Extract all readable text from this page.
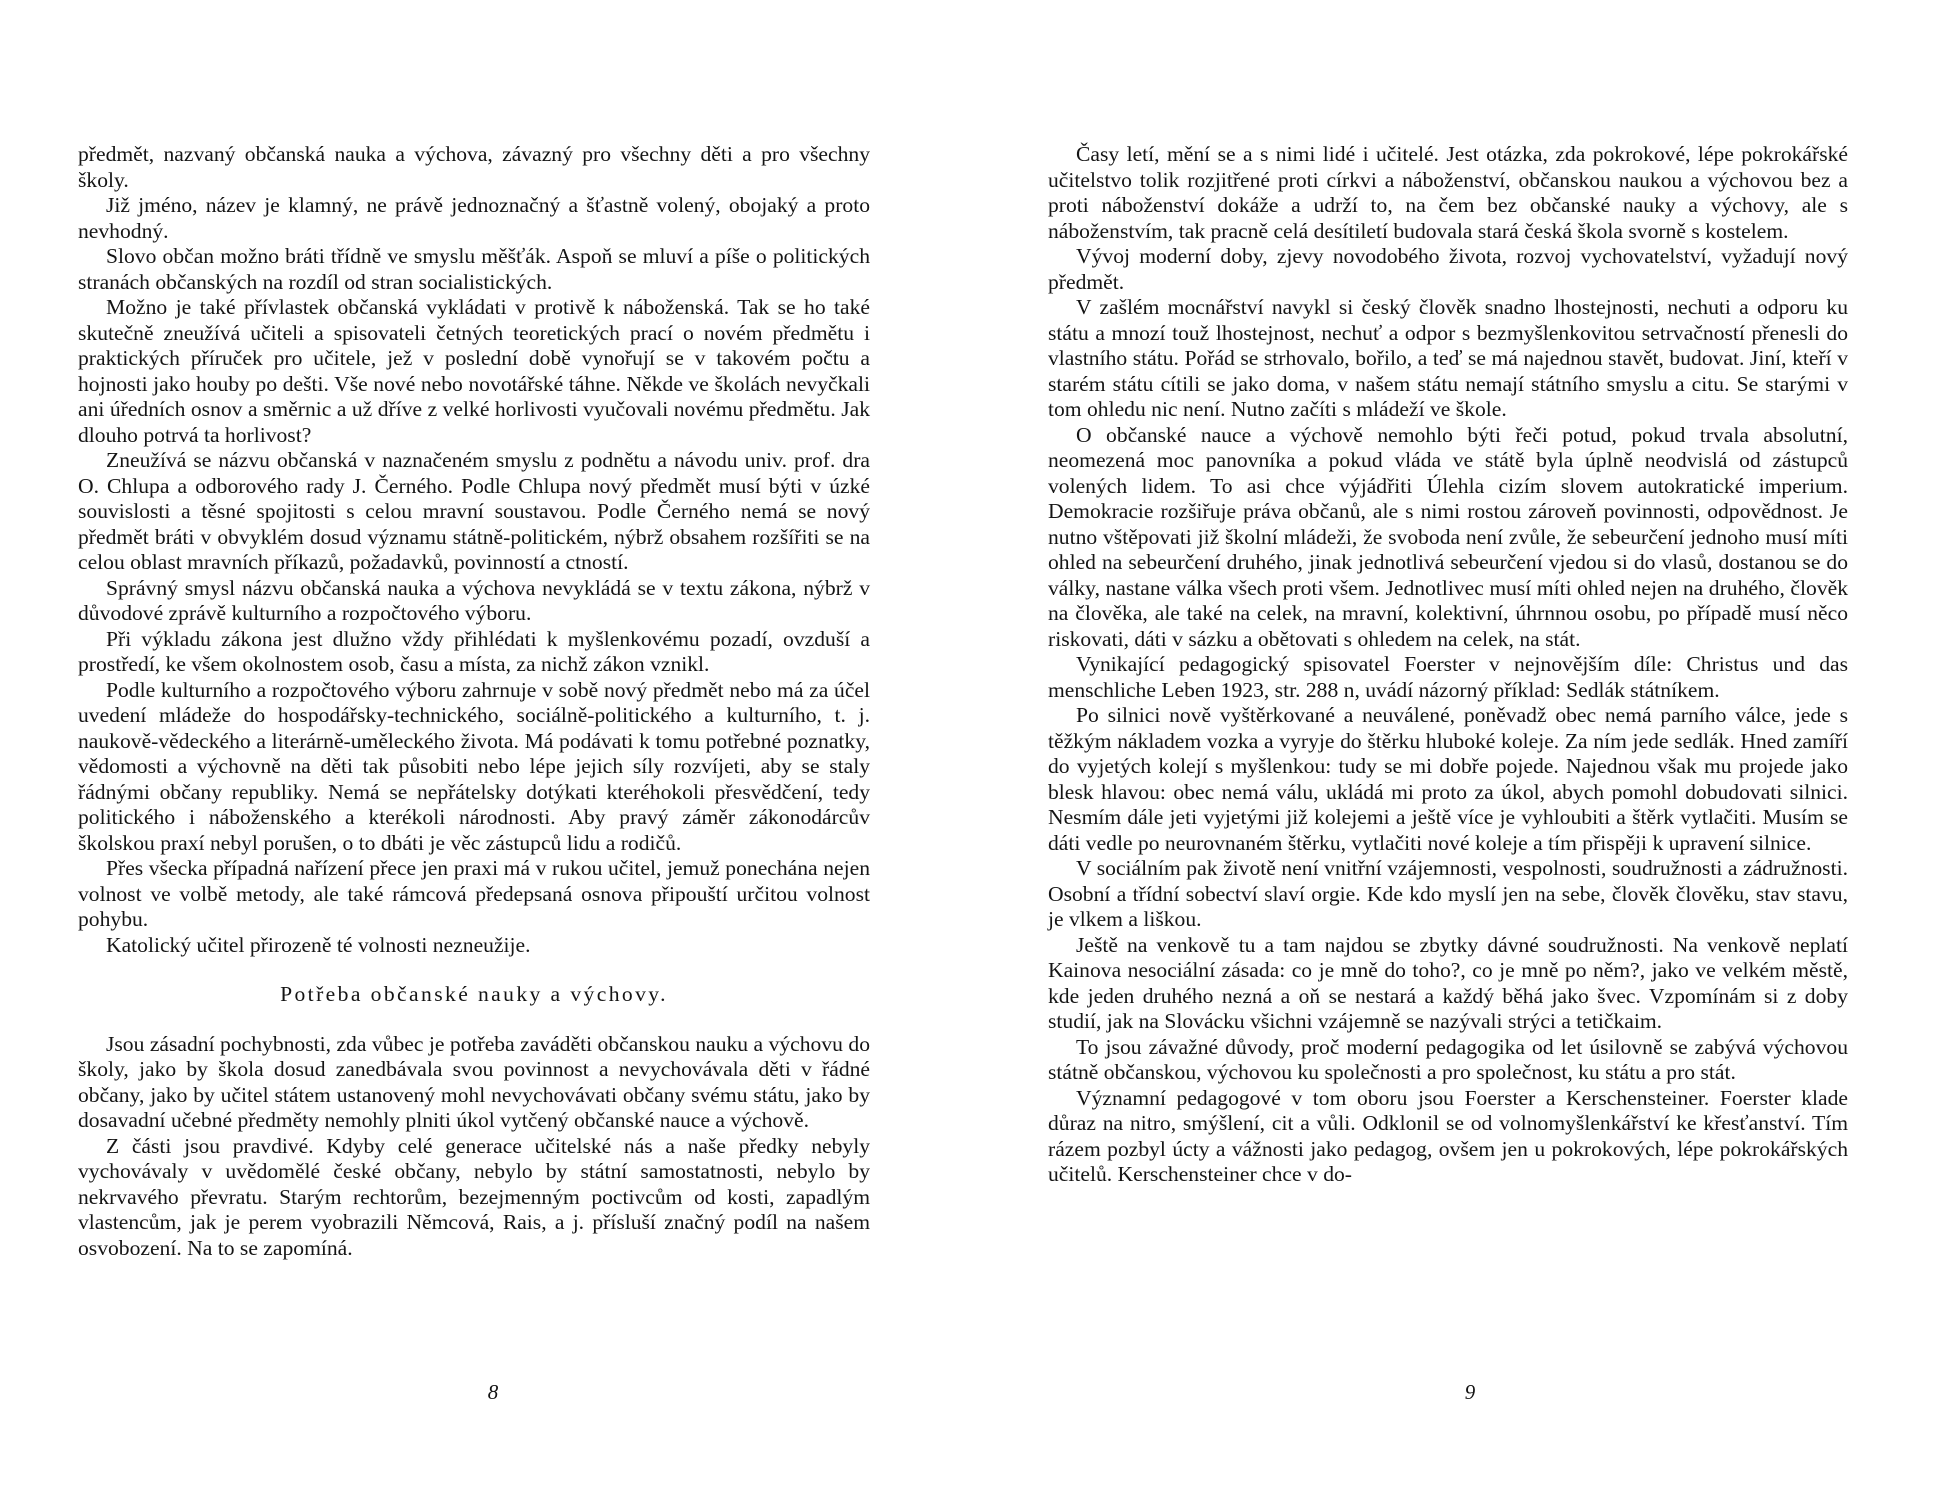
předmět, nazvaný občanská nauka a výchova, závazný pro všechny děti a pro všechny školy.

Již jméno, název je klamný, ne právě jednoznačný a šťastně volený, obojaký a proto nevhodný.

Slovo občan možno bráti třídně ve smyslu měšťák. Aspoň se mluví a píše o politických stranách občanských na rozdíl od stran socialistických.

Možno je také přívlastek občanská vykládati v protivě k náboženská. Tak se ho také skutečně zneužívá učiteli a spisovateli četných teoretických prací o novém předmětu i praktických příruček pro učitele, jež v poslední době vynořují se v takovém počtu a hojnosti jako houby po dešti. Vše nové nebo novotářské táhne. Někde ve školách nevyčkali ani úředních osnov a směrnic a už dříve z velké horlivosti vyučovali novému předmětu. Jak dlouho potrvá ta horlivost?

Zneužívá se názvu občanská v naznačeném smyslu z podnětu a návodu univ. prof. dra O. Chlupa a odborového rady J. Černého. Podle Chlupa nový předmět musí býti v úzké souvislosti a těsné spojitosti s celou mravní soustavou. Podle Černého nemá se nový předmět bráti v obvyklém dosud významu státně-politickém, nýbrž obsahem rozšířiti se na celou oblast mravních příkazů, požadavků, povinností a ctností.

Správný smysl názvu občanská nauka a výchova nevykládá se v textu zákona, nýbrž v důvodové zprávě kulturního a rozpočtového výboru.

Při výkladu zákona jest dlužno vždy přihlédati k myšlenkovému pozadí, ovzduší a prostředí, ke všem okolnostem osob, času a místa, za nichž zákon vznikl.

Podle kulturního a rozpočtového výboru zahrnuje v sobě nový předmět nebo má za účel uvedení mládeže do hospodářsky-technického, sociálně-politického a kulturního, t. j. naukově-vědeckého a literárně-uměleckého života. Má podávati k tomu potřebné poznatky, vědomosti a výchovně na děti tak působiti nebo lépe jejich síly rozvíjeti, aby se staly řádnými občany republiky. Nemá se nepřátelsky dotýkati kteréhokoli přesvědčení, tedy politického i náboženského a kterékoli národnosti. Aby pravý záměr zákonodárcův školskou praxí nebyl porušen, o to dbáti je věc zástupců lidu a rodičů.

Přes všecka případná nařízení přece jen praxi má v rukou učitel, jemuž ponechána nejen volnost ve volbě metody, ale také rámcová předepsaná osnova připouští určitou volnost pohybu.

Katolický učitel přirozeně té volnosti nezneužije.

Potřeba občanské nauky a výchovy.

Jsou zásadní pochybnosti, zda vůbec je potřeba zaváděti občanskou nauku a výchovu do školy, jako by škola dosud zanedbávala svou povinnost a nevychovávala děti v řádné občany, jako by učitel státem ustanovený mohl nevychovávati občany svému státu, jako by dosavadní učebné předměty nemohly plniti úkol vytčený občanské nauce a výchově.

Z části jsou pravdivé. Kdyby celé generace učitelské nás a naše předky nebyly vychovávaly v uvědomělé české občany, nebylo by státní samostatnosti, nebylo by nekrvavého převratu. Starým rechtorům, bezejmenným poctivcům od kosti, zapadlým vlastencům, jak je perem vyobrazili Němcová, Rais, a j. přísluší značný podíl na našem osvobození. Na to se zapomíná.

8

Časy letí, mění se a s nimi lidé i učitelé. Jest otázka, zda pokrokové, lépe pokrokářské učitelstvo tolik rozjitřené proti církvi a náboženství, občanskou naukou a výchovou bez a proti náboženství dokáže a udrží to, na čem bez občanské nauky a výchovy, ale s náboženstvím, tak pracně celá desítiletí budovala stará česká škola svorně s kostelem.

Vývoj moderní doby, zjevy novodobého života, rozvoj vychovatelství, vyžadují nový předmět.

V zašlém mocnářství navykl si český člověk snadno lhostejnosti, nechuti a odporu ku státu a mnozí touž lhostejnost, nechuť a odpor s bezmyšlenkovitou setrvačností přenesli do vlastního státu. Pořád se strhovalo, bořilo, a teď se má najednou stavět, budovat. Jiní, kteří v starém státu cítili se jako doma, v našem státu nemají státního smyslu a citu. Se starými v tom ohledu nic není. Nutno začíti s mládeží ve škole.

O občanské nauce a výchově nemohlo býti řeči potud, pokud trvala absolutní, neomezená moc panovníka a pokud vláda ve státě byla úplně neodvislá od zástupců volených lidem. To asi chce výjádřiti Úlehla cizím slovem autokratické imperium. Demokracie rozšiřuje práva občanů, ale s nimi rostou zároveň povinnosti, odpovědnost. Je nutno vštěpovati již školní mládeži, že svoboda není zvůle, že sebeurčení jednoho musí míti ohled na sebeurčení druhého, jinak jednotlivá sebeurčení vjedou si do vlasů, dostanou se do války, nastane válka všech proti všem. Jednotlivec musí míti ohled nejen na druhého, člověk na člověka, ale také na celek, na mravní, kolektivní, úhrnnou osobu, po případě musí něco riskovati, dáti v sázku a obětovati s ohledem na celek, na stát.

Vynikající pedagogický spisovatel Foerster v nejnovějším díle: Christus und das menschliche Leben 1923, str. 288 n, uvádí názorný příklad: Sedlák státníkem.

Po silnici nově vyštěrkované a neuválené, poněvadž obec nemá parního válce, jede s těžkým nákladem vozka a vyryje do štěrku hluboké koleje. Za ním jede sedlák. Hned zamíří do vyjetých kolejí s myšlenkou: tudy se mi dobře pojede. Najednou však mu projede jako blesk hlavou: obec nemá válu, ukládá mi proto za úkol, abych pomohl dobudovati silnici. Nesmím dále jeti vyjetými již kolejemi a ještě více je vyhloubiti a štěrk vytlačiti. Musím se dáti vedle po neurovnaném štěrku, vytlačiti nové koleje a tím přispěji k upravení silnice.

V sociálním pak životě není vnitřní vzájemnosti, vespolnosti, soudružnosti a zádružnosti. Osobní a třídní sobectví slaví orgie. Kde kdo myslí jen na sebe, člověk člověku, stav stavu, je vlkem a liškou.

Ještě na venkově tu a tam najdou se zbytky dávné soudružnosti. Na venkově neplatí Kainova nesociální zásada: co je mně do toho?, co je mně po něm?, jako ve velkém městě, kde jeden druhého nezná a oň se nestará a každý běhá jako švec. Vzpomínám si z doby studií, jak na Slovácku všichni vzájemně se nazývali strýci a tetičkaim.

To jsou závažné důvody, proč moderní pedagogika od let úsilovně se zabývá výchovou státně občanskou, výchovou ku společnosti a pro společnost, ku státu a pro stát.

Významní pedagogové v tom oboru jsou Foerster a Kerschensteiner. Foerster klade důraz na nitro, smýšlení, cit a vůli. Odklonil se od volnomyšlenkářství ke křesťanství. Tím rázem pozbyl úcty a vážnosti jako pedagog, ovšem jen u pokrokových, lépe pokrokářských učitelů. Kerschensteiner chce v do-

9
